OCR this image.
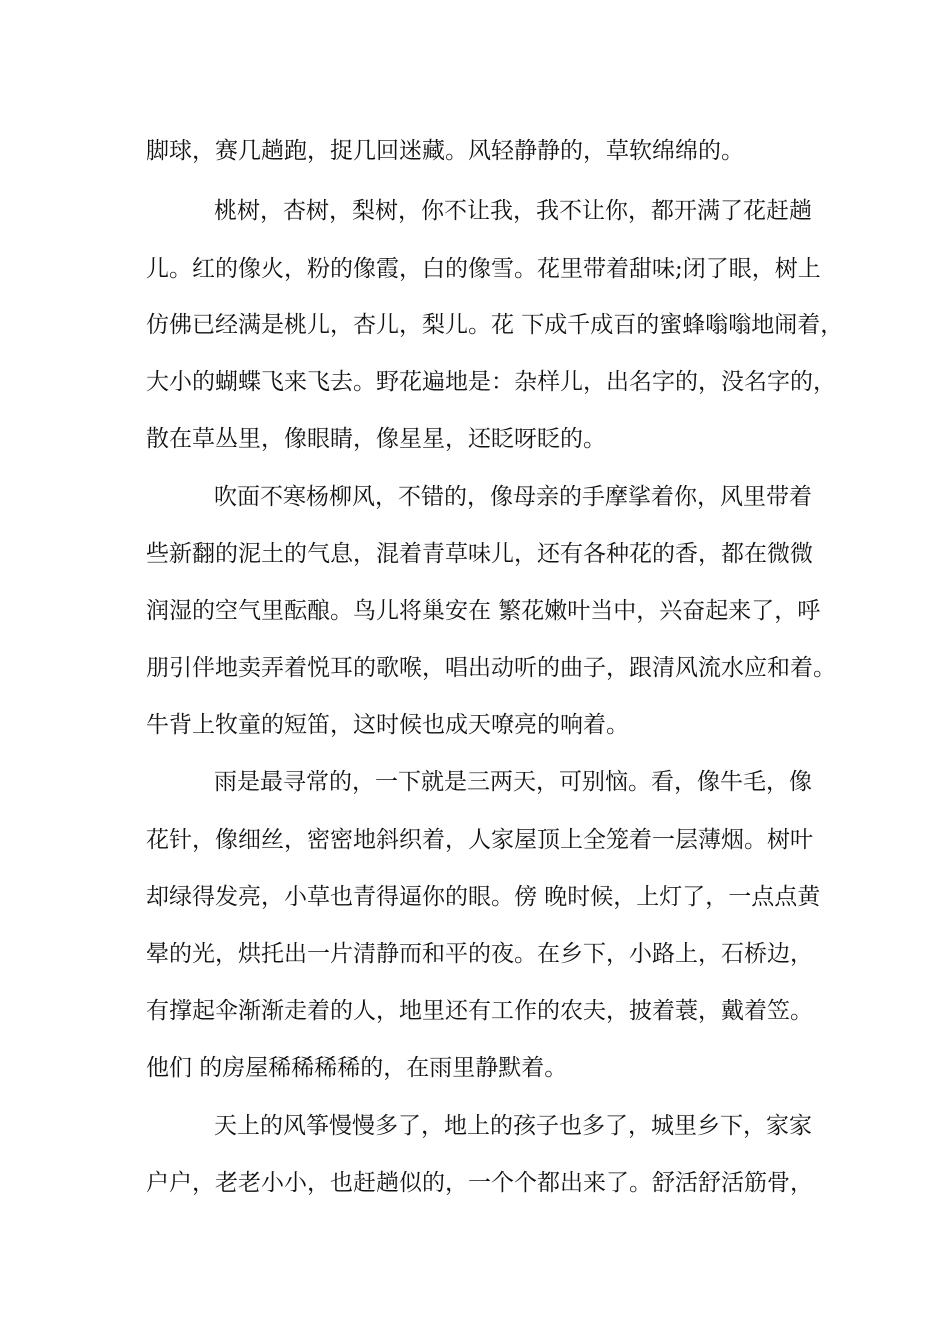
脚球，赛几趟跑，捉几回迷藏。风轻静静的，草软绵绵的。
桃树，杏树，梨树，你不让我，我不让你，都开满了花赶趟
儿。红的像火，粉的像霞，白的像雪。花里带着甜味;闭了眼，树上
仿佛已经满是桃儿，杏儿，梨儿。花 下成千成百的蜜蜂嗡嗡地闹着，
大小的蝴蝶飞来飞去。野花遍地是：杂样儿，出名字的，没名字的，
散在草丛里，像眼睛，像星星，还眨呀眨的。
吹面不寒杨柳风，不错的，像母亲的手摩挲着你，风里带着
些新翻的泥土的气息，混着青草味儿，还有各种花的香，都在微微
润湿的空气里酝酿。鸟儿将巢安在 繁花嫩叶当中，兴奋起来了，呼
朋引伴地卖弄着悦耳的歌喉，唱出动听的曲子，跟清风流水应和着。
牛背上牧童的短笛，这时候也成天嘹亮的响着。
雨是最寻常的，一下就是三两天，可别恼。看，像牛毛，像
花针，像细丝，密密地斜织着，人家屋顶上全笼着一层薄烟。树叶
却绿得发亮，小草也青得逼你的眼。傍 晚时候，上灯了，一点点黄
晕的光，烘托出一片清静而和平的夜。在乡下，小路上，石桥边，
有撑起伞渐渐走着的人，地里还有工作的农夫，披着蓑，戴着笠。
他们 的房屋稀稀稀稀的，在雨里静默着。
天上的风筝慢慢多了，地上的孩子也多了，城里乡下，家家
户户，老老小小，也赶趟似的，一个个都出来了。舒活舒活筋骨，
